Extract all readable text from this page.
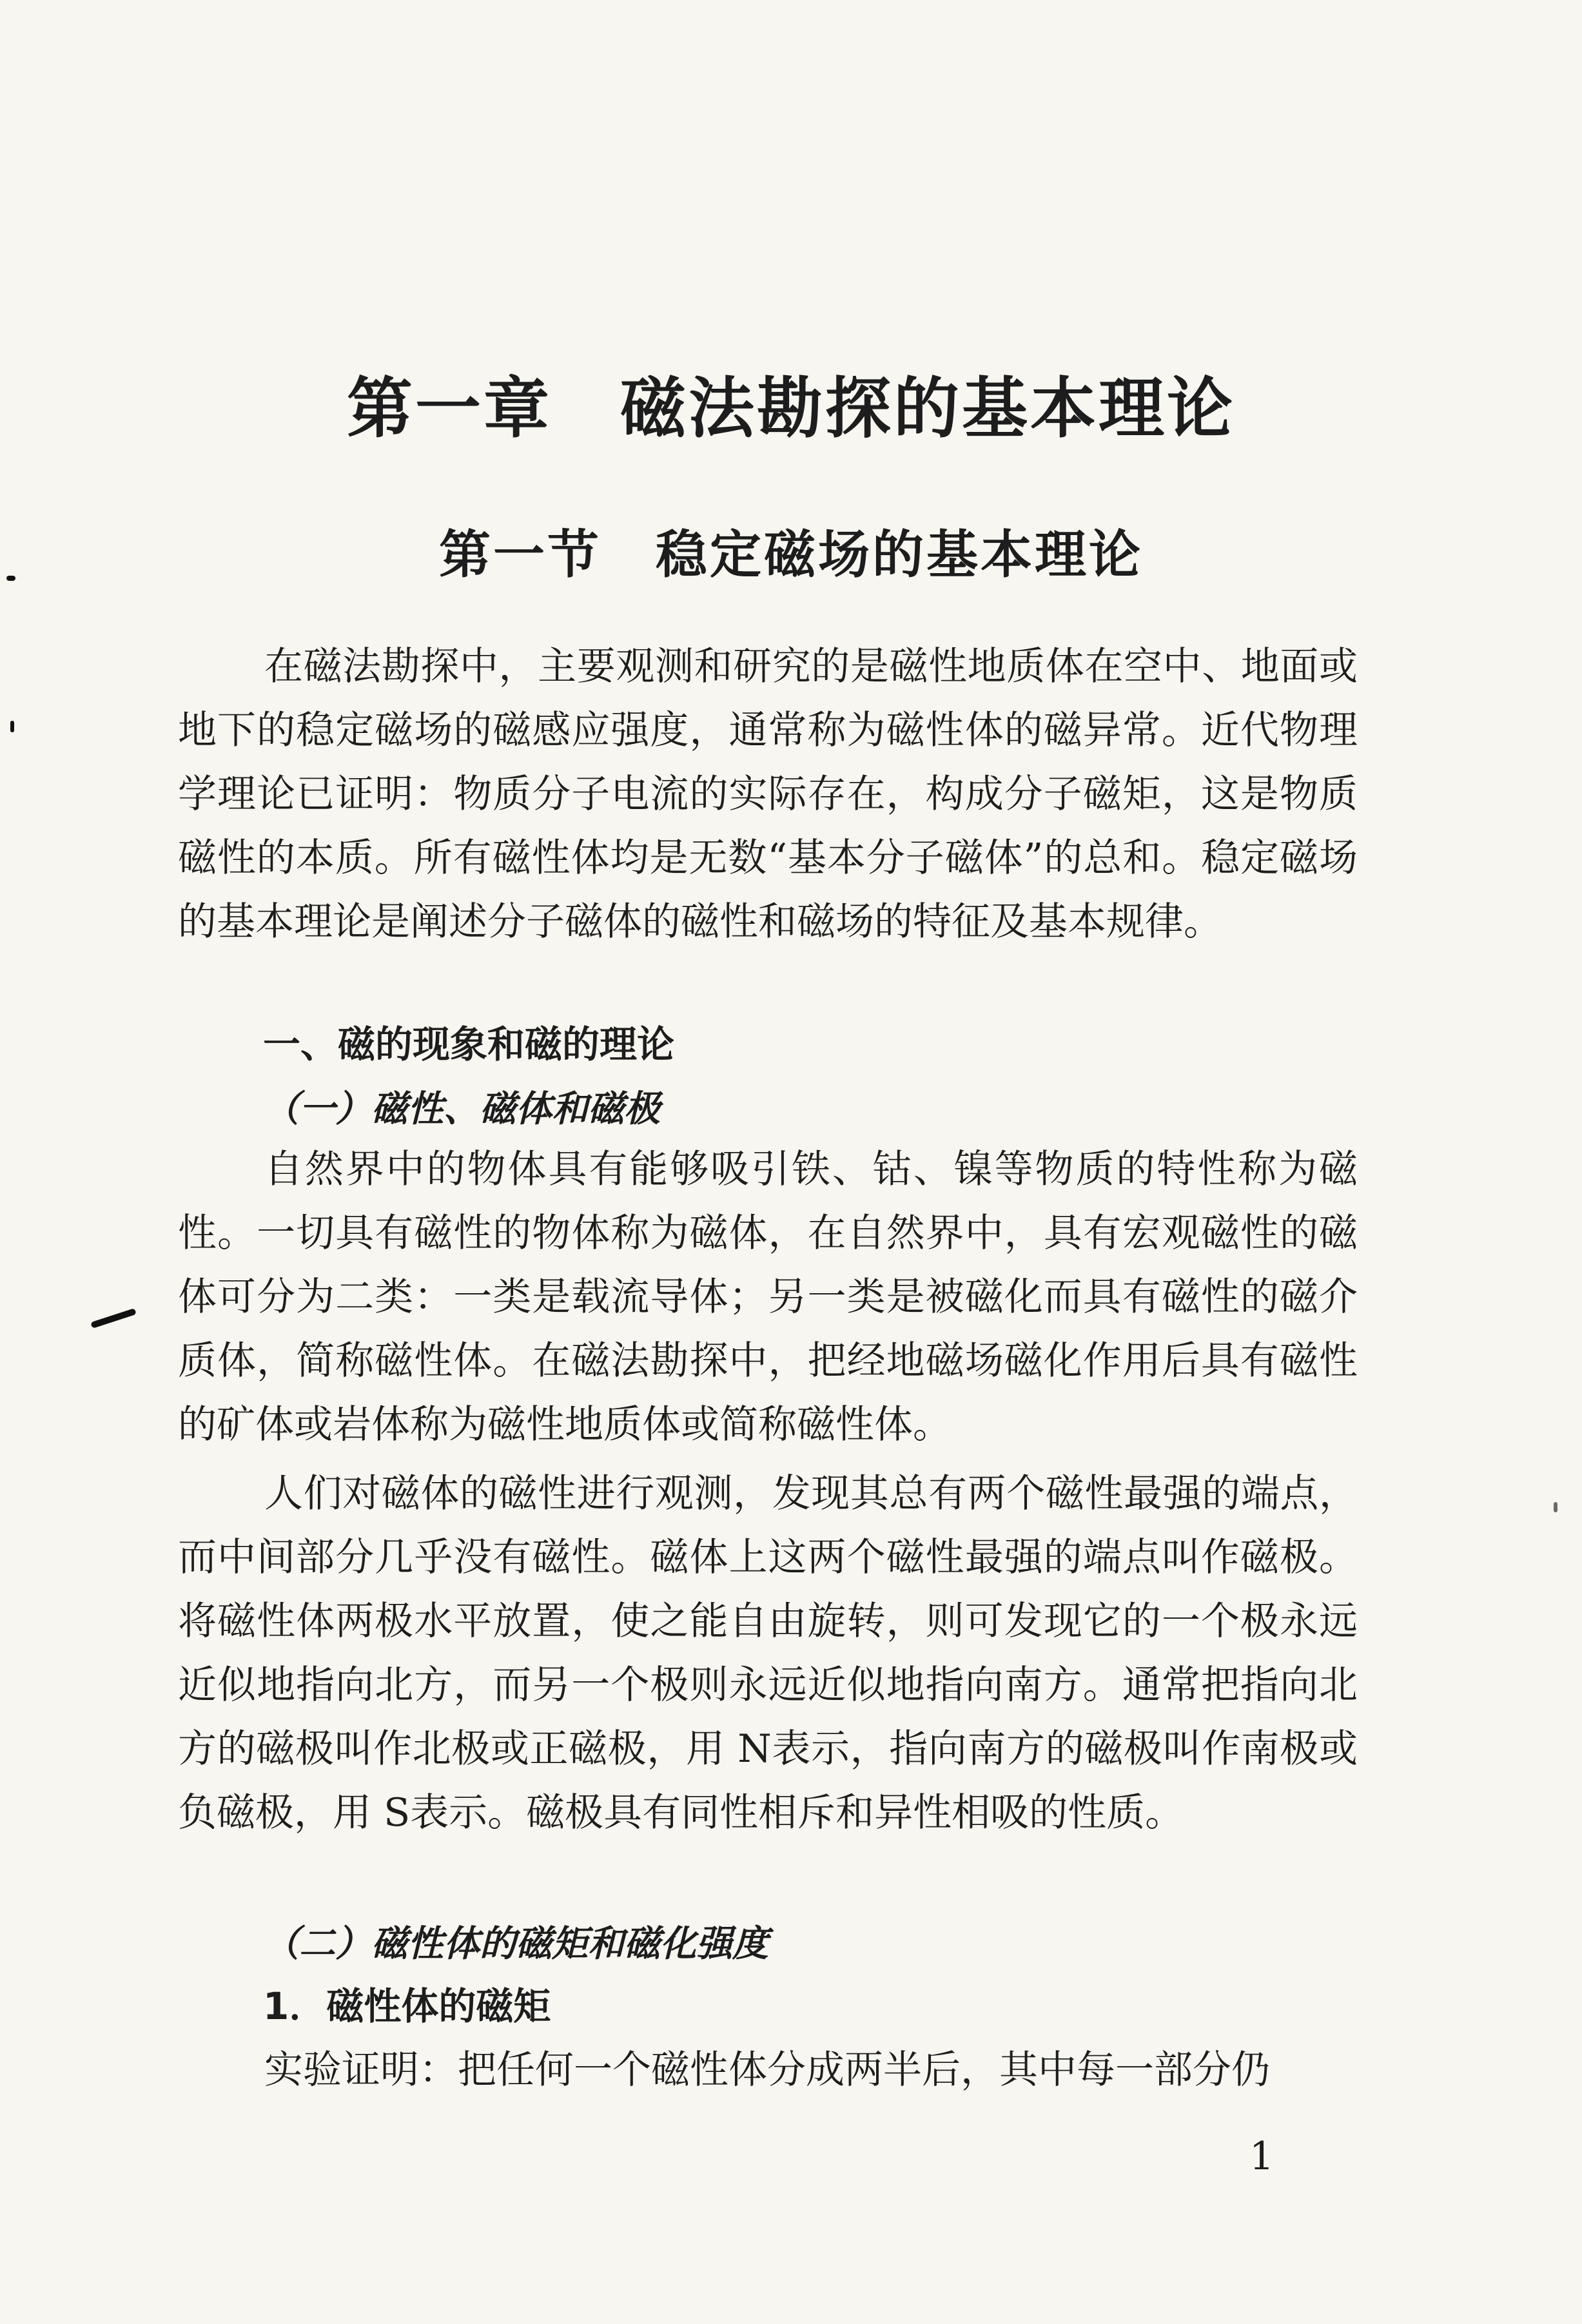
第一章　磁法勘探的基本理论
第一节　稳定磁场的基本理论

在磁法勘探中，主要观测和研究的是磁性地质体在空中、地面或地下的稳定磁场的磁感应强度，通常称为磁性体的磁异常。近代物理学理论已证明：物质分子电流的实际存在，构成分子磁矩，这是物质磁性的本质。所有磁性体均是无数“基本分子磁体”的总和。稳定磁场的基本理论是阐述分子磁体的磁性和磁场的特征及基本规律。

一、磁的现象和磁的理论
（一）磁性、磁体和磁极

自然界中的物体具有能够吸引铁、钴、镍等物质的特性称为磁性。一切具有磁性的物体称为磁体，在自然界中，具有宏观磁性的磁体可分为二类：一类是载流导体；另一类是被磁化而具有磁性的磁介质体，简称磁性体。在磁法勘探中，把经地磁场磁化作用后具有磁性的矿体或岩体称为磁性地质体或简称磁性体。

人们对磁体的磁性进行观测，发现其总有两个磁性最强的端点，而中间部分几乎没有磁性。磁体上这两个磁性最强的端点叫作磁极。将磁性体两极水平放置，使之能自由旋转，则可发现它的一个极永远近似地指向北方，而另一个极则永远近似地指向南方。通常把指向北方的磁极叫作北极或正磁极，用 N表示，指向南方的磁极叫作南极或负磁极，用 S表示。磁极具有同性相斥和异性相吸的性质。

（二）磁性体的磁矩和磁化强度
1．磁性体的磁矩

实验证明：把任何一个磁性体分成两半后，其中每一部分仍

1
